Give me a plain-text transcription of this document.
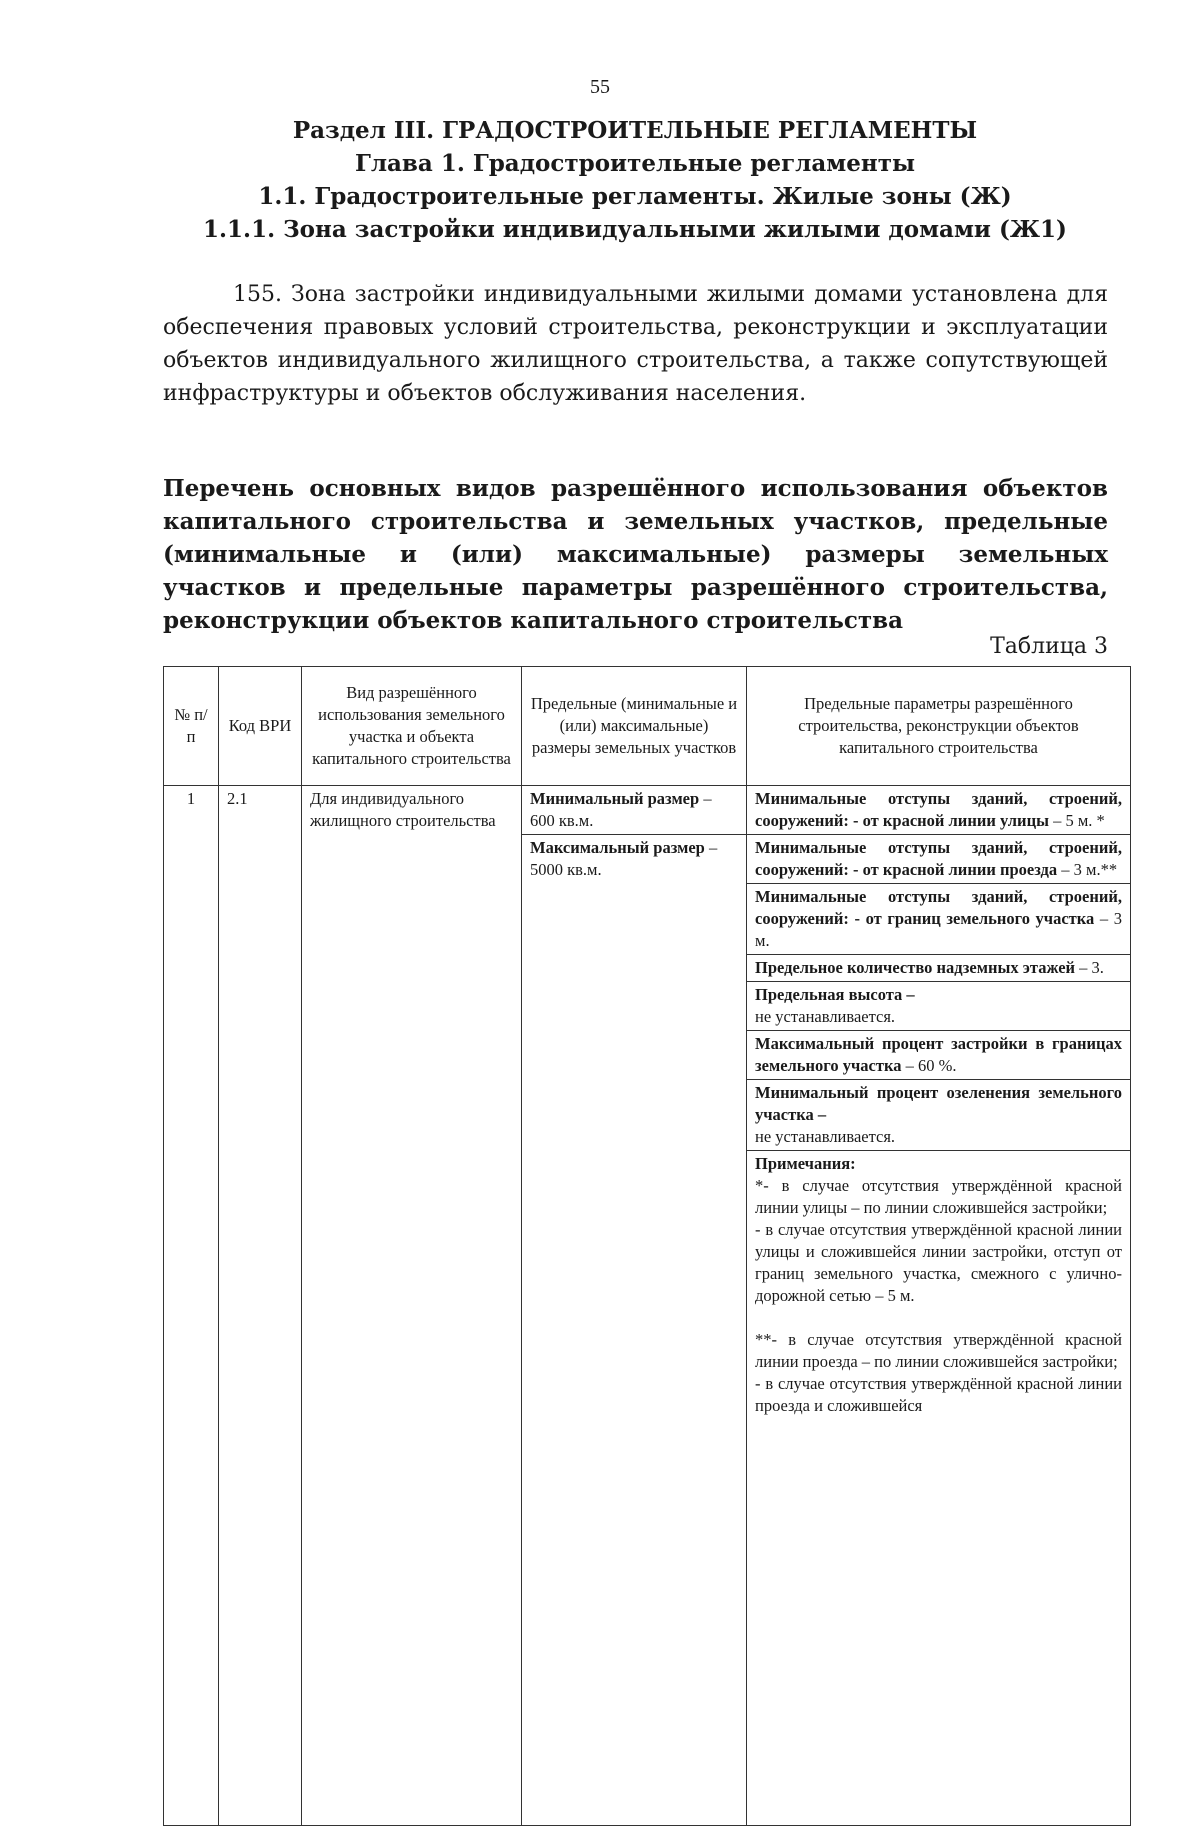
55
Раздел III. ГРАДОСТРОИТЕЛЬНЫЕ РЕГЛАМЕНТЫ
Глава 1. Градостроительные регламенты
1.1. Градостроительные регламенты. Жилые зоны (Ж)
1.1.1. Зона застройки индивидуальными жилыми домами (Ж1)
155. Зона застройки индивидуальными жилыми домами установлена для обеспечения правовых условий строительства, реконструкции и эксплуатации объектов индивидуального жилищного строительства, а также сопутствующей инфраструктуры и объектов обслуживания населения.
Перечень основных видов разрешённого использования объектов капитального строительства и земельных участков, предельные (минимальные и (или) максимальные) размеры земельных участков и предельные параметры разрешённого строительства, реконструкции объектов капитального строительства
Таблица 3
№ п/п	Код ВРИ	Вид разрешённого использования земельного участка и объекта капитального строительства	Предельные (минимальные и (или) максимальные) размеры земельных участков	Предельные параметры разрешённого строительства, реконструкции объектов капитального строительства
1	2.1	Для индивидуального жилищного строительства	Минимальный размер – 600 кв.м.	Минимальные отступы зданий, строений, сооружений: - от красной линии улицы – 5 м. *
			Максимальный размер – 5000 кв.м.	Минимальные отступы зданий, строений, сооружений: - от красной линии проезда – 3 м.**
				Минимальные отступы зданий, строений, сооружений: - от границ земельного участка – 3 м.
				Предельное количество надземных этажей – 3.

				Предельная высота –
не устанавливается.
				Максимальный процент застройки в границах земельного участка – 60 %.

				Минимальный процент озеленения земельного участка –
не устанавливается.

				Примечания:

*- в случае отсутствия утверждённой красной линии улицы – по линии сложившейся застройки;

- в случае отсутствия утверждённой красной линии улицы и сложившейся линии застройки, отступ от границ земельного участка, смежного с улично-дорожной сетью – 5 м.

**- в случае отсутствия утверждённой красной линии проезда – по линии сложившейся застройки;

- в случае отсутствия утверждённой красной линии проезда и сложившейся
